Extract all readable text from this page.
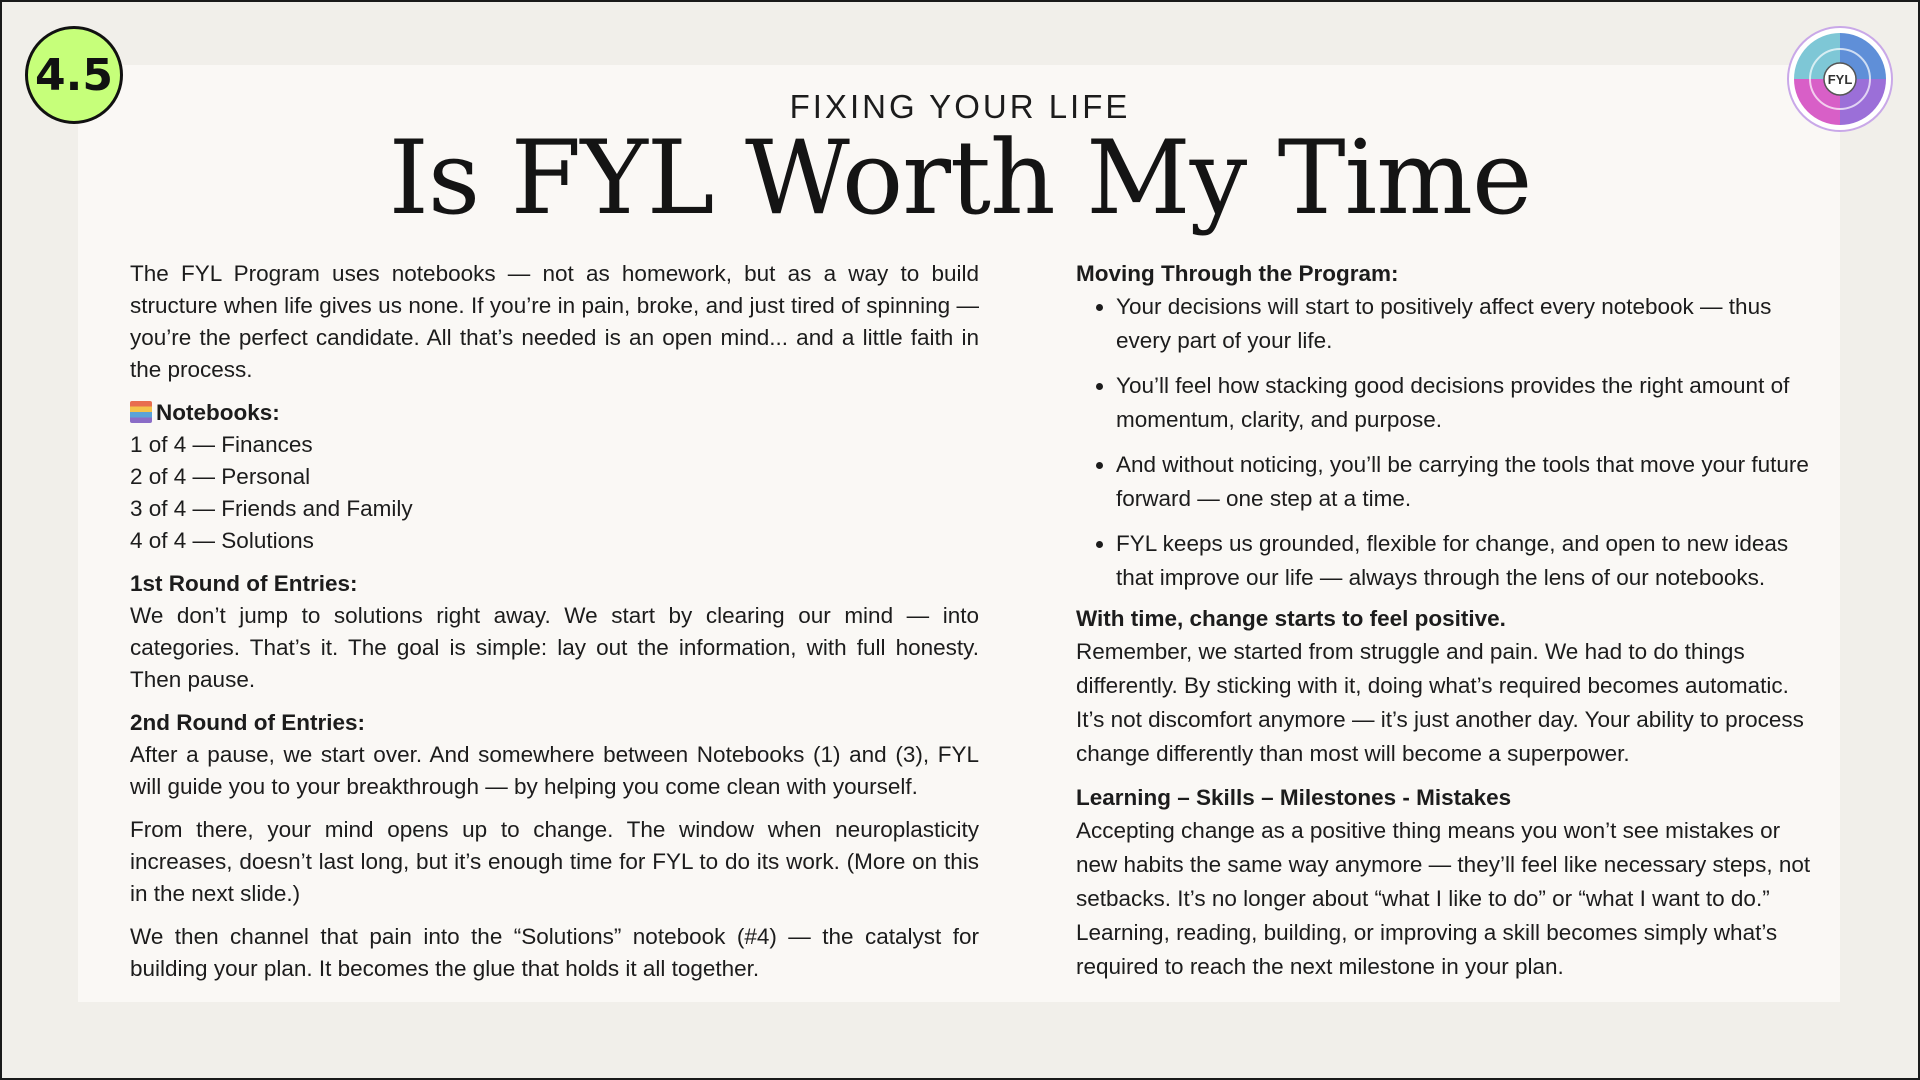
4.5	FYL
FIXING YOUR LIFE
Is FYL Worth My Time

The FYL Program uses notebooks — not as homework, but as a way to build structure when life gives us none. If you’re in pain, broke, and just tired of spinning — you’re the perfect candidate. All that’s needed is an open mind... and a little faith in the process.

Notebooks:
1 of 4 — Finances
2 of 4 — Personal
3 of 4 — Friends and Family
4 of 4 — Solutions

1st Round of Entries:
We don’t jump to solutions right away. We start by clearing our mind — into categories. That’s it. The goal is simple: lay out the information, with full honesty. Then pause.

2nd Round of Entries:
After a pause, we start over. And somewhere between Notebooks (1) and (3), FYL will guide you to your breakthrough — by helping you come clean with yourself.

From there, your mind opens up to change. The window when neuroplasticity increases, doesn’t last long, but it’s enough time for FYL to do its work. (More on this in the next slide.)

We then channel that pain into the “Solutions” notebook (#4) — the catalyst for building your plan. It becomes the glue that holds it all together.

Moving Through the Program:
• Your decisions will start to positively affect every notebook — thus every part of your life.
• You’ll feel how stacking good decisions provides the right amount of momentum, clarity, and purpose.
• And without noticing, you’ll be carrying the tools that move your future forward — one step at a time.
• FYL keeps us grounded, flexible for change, and open to new ideas that improve our life — always through the lens of our notebooks.

With time, change starts to feel positive.
Remember, we started from struggle and pain. We had to do things differently. By sticking with it, doing what’s required becomes automatic. It’s not discomfort anymore — it’s just another day. Your ability to process change differently than most will become a superpower.

Learning – Skills – Milestones - Mistakes
Accepting change as a positive thing means you won’t see mistakes or new habits the same way anymore — they’ll feel like necessary steps, not setbacks. It’s no longer about “what I like to do” or “what I want to do.” Learning, reading, building, or improving a skill becomes simply what’s required to reach the next milestone in your plan.
